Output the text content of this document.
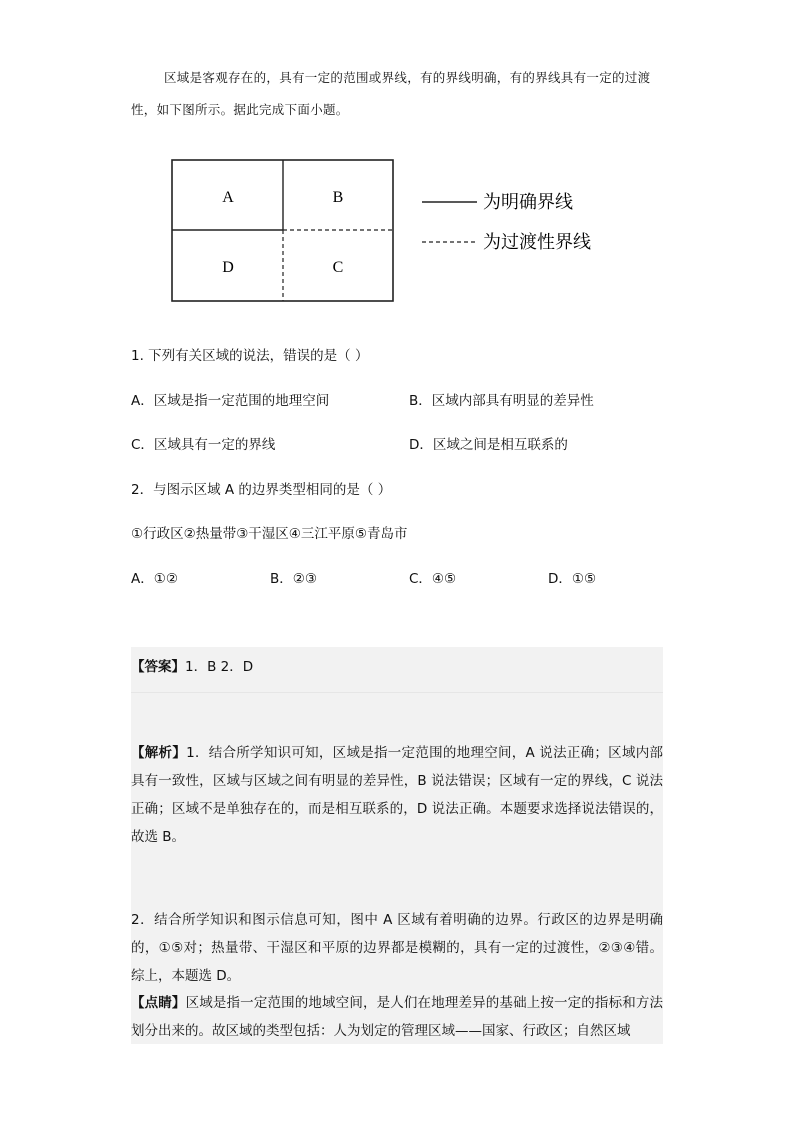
区域是客观存在的，具有一定的范围或界线，有的界线明确，有的界线具有一定的过渡性，如下图所示。据此完成下面小题。
A	B
D	C
为明确界线
为过渡性界线
1. 下列有关区域的说法，错误的是（ ）
A．区域是指一定范围的地理空间	B．区域内部具有明显的差异性
C．区域具有一定的界线	D．区域之间是相互联系的
2．与图示区域 A 的边界类型相同的是（ ）
①行政区②热量带③干湿区④三江平原⑤青岛市
A．①②	B．②③	C．④⑤	D．①⑤
【答案】1．B 2．D
【解析】1．结合所学知识可知，区域是指一定范围的地理空间，A 说法正确；区域内部具有一致性，区域与区域之间有明显的差异性，B 说法错误；区域有一定的界线，C 说法正确；区域不是单独存在的，而是相互联系的，D 说法正确。本题要求选择说法错误的，故选 B。
2．结合所学知识和图示信息可知，图中 A 区域有着明确的边界。行政区的边界是明确的，①⑤对；热量带、干湿区和平原的边界都是模糊的，具有一定的过渡性，②③④错。综上，本题选 D。
【点睛】区域是指一定范围的地域空间，是人们在地理差异的基础上按一定的指标和方法划分出来的。故区域的类型包括：人为划定的管理区域——国家、行政区；自然区域
